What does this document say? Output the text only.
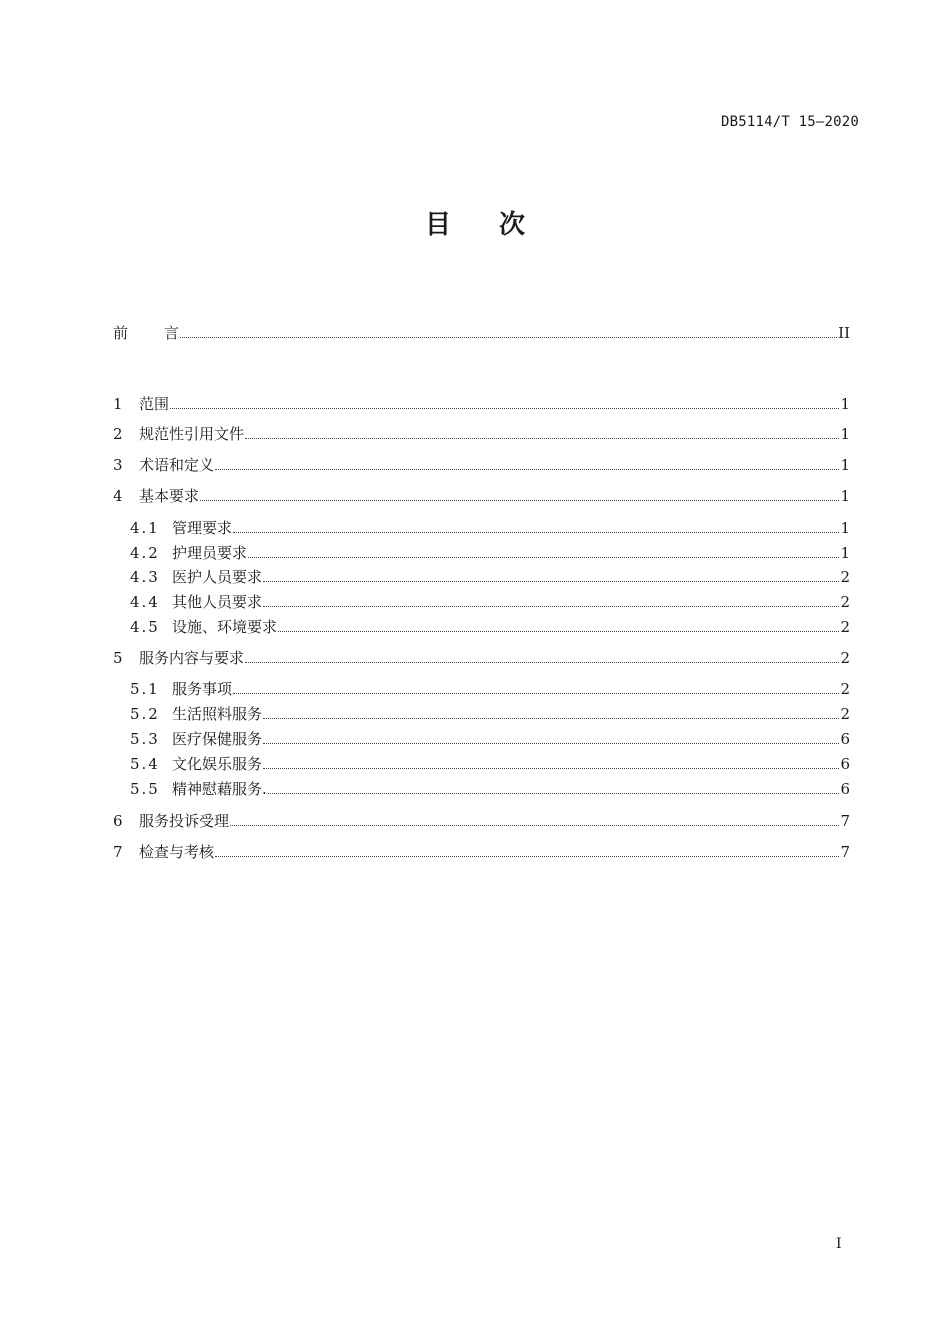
DB5114/T 15—2020
目次
前言	II
1	范围	1
2	规范性引用文件	1
3	术语和定义	1
4	基本要求	1
4.1 管理要求	1
4.2 护理员要求	1
4.3 医护人员要求	2
4.4 其他人员要求	2
4.5 设施、环境要求	2
5	服务内容与要求	2
5.1 服务事项	2
5.2 生活照料服务	2
5.3 医疗保健服务	6
5.4 文化娱乐服务	6
5.5 精神慰藉服务.	6
6	服务投诉受理	7
7	检查与考核	7
I
